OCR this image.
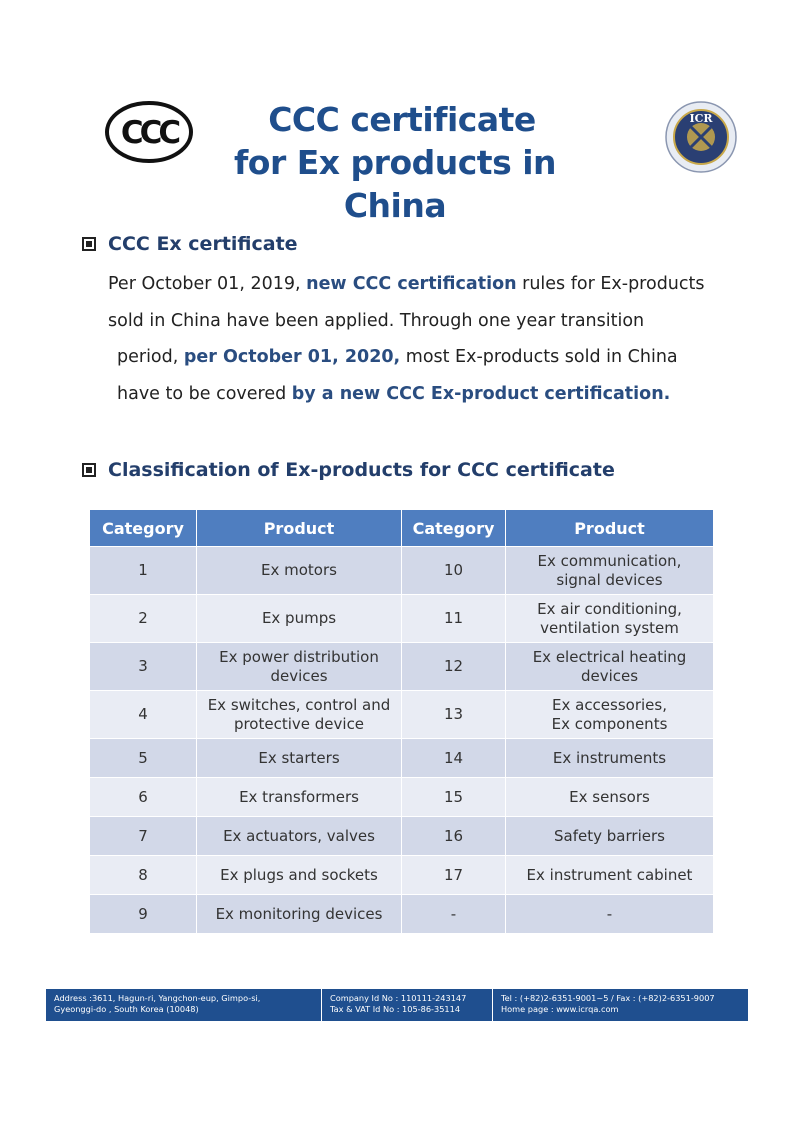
CCC	CCC certificate
for Ex products in China
ICR
CCC Ex certificate
Per October 01, 2019, new CCC certification rules for Ex-products
sold in China have been applied. Through one year transition
period, per October 01, 2020, most Ex-products sold in China
have to be covered by a new CCC Ex-product certification.
Classification of Ex-products for CCC certificate
Category	Product	Category	Product
1	Ex motors	10	Ex communication,
signal devices
2	Ex pumps	11	Ex air conditioning,
ventilation system
3	Ex power distribution
devices	12	Ex electrical heating
devices
4	Ex switches, control and
protective device	13	Ex accessories,
Ex components
5	Ex starters	14	Ex instruments
6	Ex transformers	15	Ex sensors
7	Ex actuators, valves	16	Safety barriers
8	Ex plugs and sockets	17	Ex instrument cabinet
9	Ex monitoring devices	-	-
Address :3611, Hagun-ri, Yangchon-eup, Gimpo-si,
Gyeonggi-do , South Korea (10048)
Company Id No : 110111-243147
Tax & VAT Id No : 105-86-35114
Tel : (+82)2-6351-9001~5 / Fax : (+82)2-6351-9007
Home page : www.icrqa.com
